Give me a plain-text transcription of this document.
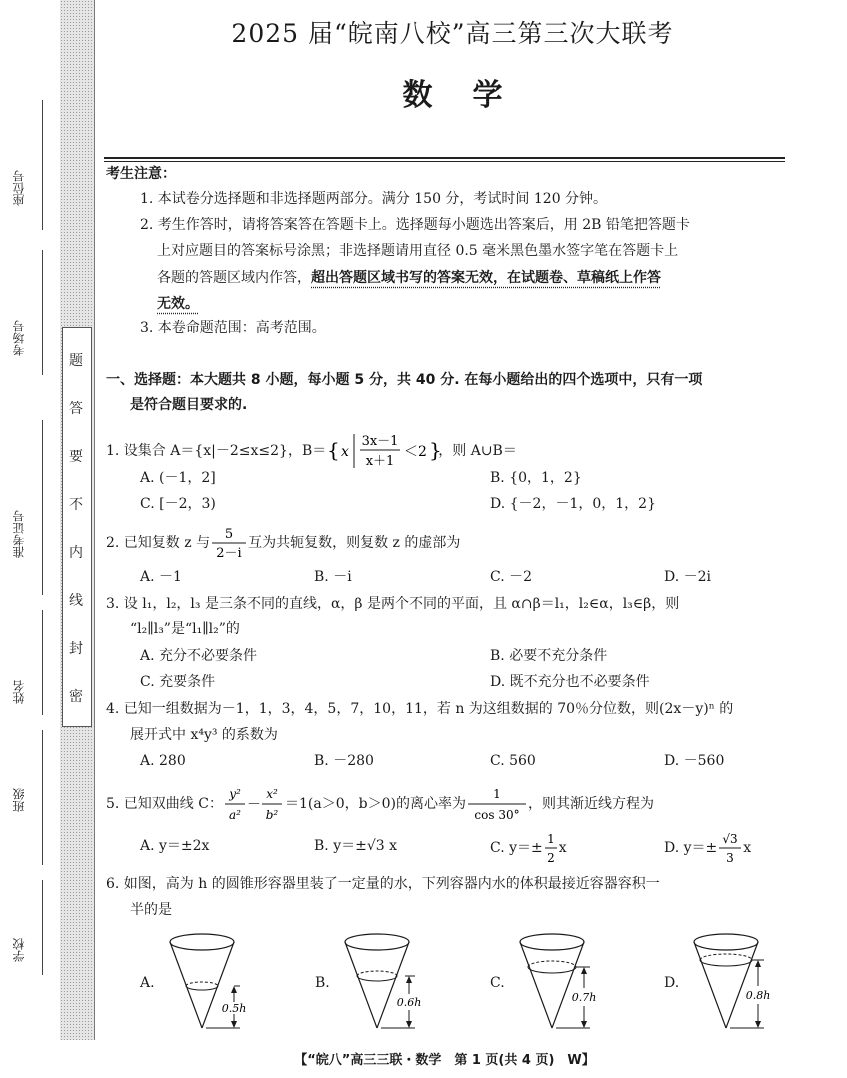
题
答
要
不
内
线
封
密
座位号
考场号
准考证号
姓名
班级
学校
2025 届“皖南八校”高三第三次大联考
数学
考生注意：
1. 本试卷分选择题和非选择题两部分。满分 150 分，考试时间 120 分钟。
2. 考生作答时，请将答案答在答题卡上。选择题每小题选出答案后，用 2B 铅笔把答题卡
上对应题目的答案标号涂黑；非选择题请用直径 0.5 毫米黑色墨水签字笔在答题卡上
各题的答题区域内作答，超出答题区域书写的答案无效，在试题卷、草稿纸上作答
无效。
3. 本卷命题范围：高考范围。
一、选择题：本大题共 8 小题，每小题 5 分，共 40 分. 在每小题给出的四个选项中，只有一项
是符合题目要求的.
1. 设集合 A＝{x|－2≤x≤2}，B＝ { x
3x－1
x＋1
＜2 }
，则 A∪B＝
A. (－1，2]	B. {0，1，2}
C. [－2，3)	D. {－2，－1，0，1，2}
2. 已知复数 z 与
5
2－i
互为共轭复数，则复数 z 的虚部为
A. －1	B. －i	C. －2	D. －2i
3. 设 l₁，l₂，l₃ 是三条不同的直线，α，β 是两个不同的平面，且 α∩β＝l₁，l₂∈α，l₃∈β，则
“l₂∥l₃”是“l₁∥l₂”的
A. 充分不必要条件	B. 必要不充分条件
C. 充要条件	D. 既不充分也不必要条件
4. 已知一组数据为－1，1，3，4，5，7，10，11，若 n 为这组数据的 70％分位数，则(2x－y)ⁿ 的
展开式中 x⁴y³ 的系数为
A. 280	B. －280	C. 560	D. －560
5. 已知双曲线 C：
y²
a²
－
x²
b²
＝1(a＞0，b＞0)的离心率为
1
cos 30°
，则其渐近线方程为
A. y＝±2x	B. y＝±√3 x	C. y＝±
1
2
x	D. y＝±
√3
3
x
6. 如图，高为 h 的圆锥形容器里装了一定量的水，下列容器内水的体积最接近容器容积一
半的是
A.
0.5h
B.
0.6h
C.
0.7h
D.
0.8h
【“皖八”高三三联・数学　第 1 页(共 4 页)　W】
